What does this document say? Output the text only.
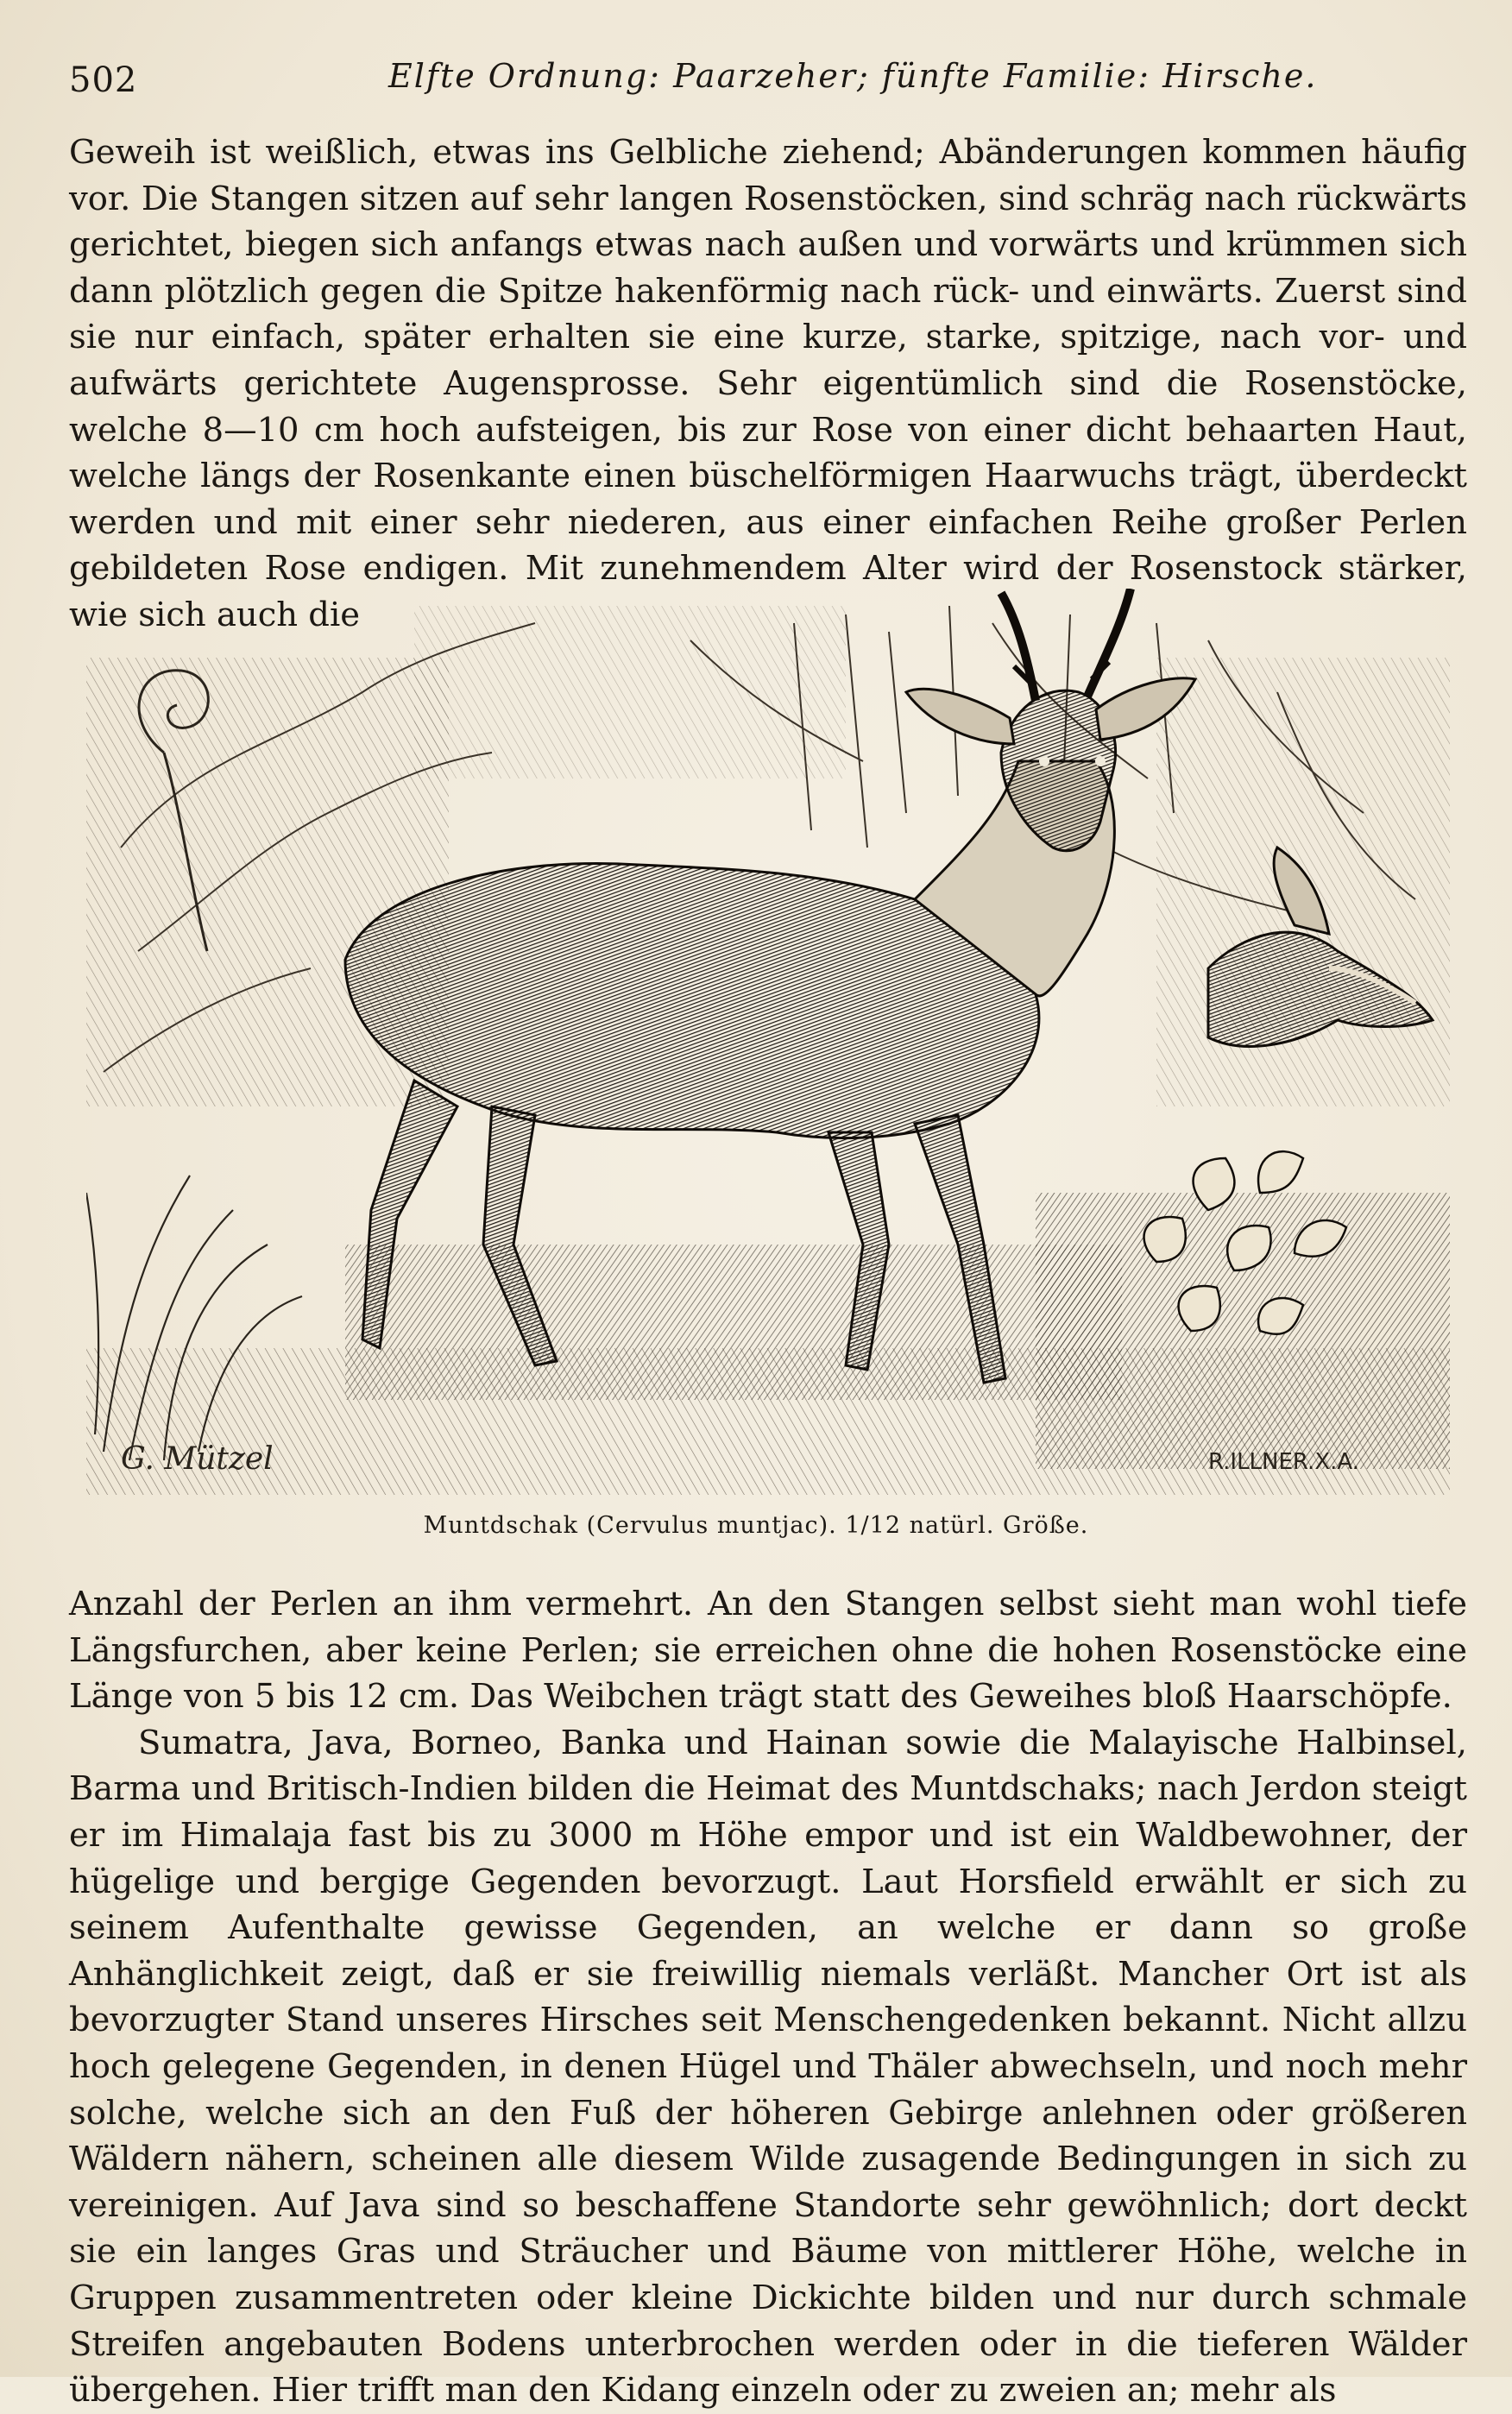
502	Elfte Ordnung: Paarzeher; fünfte Familie: Hirsche.

Geweih ist weißlich, etwas ins Gelbliche ziehend; Abänderungen kommen häufig vor. Die Stangen sitzen auf sehr langen Rosenstöcken, sind schräg nach rückwärts gerichtet, biegen sich anfangs etwas nach außen und vorwärts und krümmen sich dann plötzlich gegen die Spitze hakenförmig nach rück- und einwärts. Zuerst sind sie nur einfach, später erhalten sie eine kurze, starke, spitzige, nach vor- und aufwärts gerichtete Augensprosse. Sehr eigentümlich sind die Rosenstöcke, welche 8—10 cm hoch aufsteigen, bis zur Rose von einer dicht behaarten Haut, welche längs der Rosenkante einen büschelförmigen Haarwuchs trägt, überdeckt werden und mit einer sehr niederen, aus einer einfachen Reihe großer Perlen gebildeten Rose endigen. Mit zunehmendem Alter wird der Rosenstock stärker, wie sich auch die

G. Mützel	R.ILLNER.X.A.
Muntdschak (Cervulus muntjac). 1/12 natürl. Größe.

Anzahl der Perlen an ihm vermehrt. An den Stangen selbst sieht man wohl tiefe Längsfurchen, aber keine Perlen; sie erreichen ohne die hohen Rosenstöcke eine Länge von 5 bis 12 cm. Das Weibchen trägt statt des Geweihes bloß Haarschöpfe.

Sumatra, Java, Borneo, Banka und Hainan sowie die Malayische Halbinsel, Barma und Britisch-Indien bilden die Heimat des Muntdschaks; nach Jerdon steigt er im Himalaja fast bis zu 3000 m Höhe empor und ist ein Waldbewohner, der hügelige und bergige Gegenden bevorzugt. Laut Horsfield erwählt er sich zu seinem Aufenthalte gewisse Gegenden, an welche er dann so große Anhänglichkeit zeigt, daß er sie freiwillig niemals verläßt. Mancher Ort ist als bevorzugter Stand unseres Hirsches seit Menschengedenken bekannt. Nicht allzu hoch gelegene Gegenden, in denen Hügel und Thäler abwechseln, und noch mehr solche, welche sich an den Fuß der höheren Gebirge anlehnen oder größeren Wäldern nähern, scheinen alle diesem Wilde zusagende Bedingungen in sich zu vereinigen. Auf Java sind so beschaffene Standorte sehr gewöhnlich; dort deckt sie ein langes Gras und Sträucher und Bäume von mittlerer Höhe, welche in Gruppen zusammentreten oder kleine Dickichte bilden und nur durch schmale Streifen angebauten Bodens unterbrochen werden oder in die tieferen Wälder übergehen. Hier trifft man den Kidang einzeln oder zu zweien an; mehr als
